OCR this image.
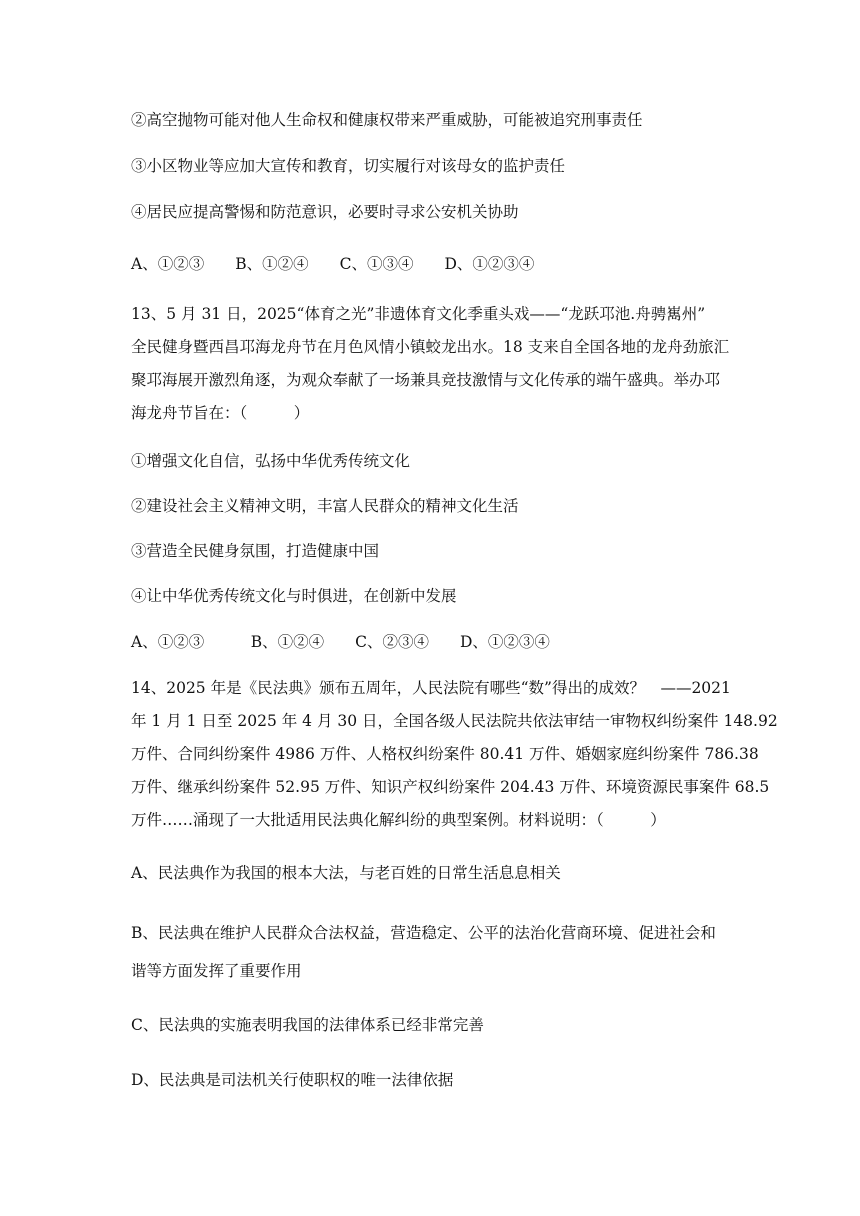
②高空抛物可能对他人生命权和健康权带来严重威胁，可能被追究刑事责任
③小区物业等应加大宣传和教育，切实履行对该母女的监护责任
④居民应提高警惕和防范意识，必要时寻求公安机关协助
A、①②③　　B、①②④　　C、①③④　　D、①②③④
13、5 月 31 日，2025“体育之光”非遗体育文化季重头戏——“龙跃邛池.舟骋嶲州”
全民健身暨西昌邛海龙舟节在月色风情小镇蛟龙出水。18 支来自全国各地的龙舟劲旅汇
聚邛海展开激烈角逐，为观众奉献了一场兼具竞技激情与文化传承的端午盛典。举办邛
海龙舟节旨在：（　　　）
①增强文化自信，弘扬中华优秀传统文化
②建设社会主义精神文明，丰富人民群众的精神文化生活
③营造全民健身氛围，打造健康中国
④让中华优秀传统文化与时俱进，在创新中发展
A、①②③　　　B、①②④　　C、②③④　　D、①②③④
14、2025 年是《民法典》颁布五周年，人民法院有哪些“数”得出的成效？　——2021
年 1 月 1 日至 2025 年 4 月 30 日，全国各级人民法院共依法审结一审物权纠纷案件 148.92
万件、合同纠纷案件 4986 万件、人格权纠纷案件 80.41 万件、婚姻家庭纠纷案件 786.38
万件、继承纠纷案件 52.95 万件、知识产权纠纷案件 204.43 万件、环境资源民事案件 68.5
万件……涌现了一大批适用民法典化解纠纷的典型案例。材料说明：（　　　）
A、民法典作为我国的根本大法，与老百姓的日常生活息息相关
B、民法典在维护人民群众合法权益，营造稳定、公平的法治化营商环境、促进社会和
谐等方面发挥了重要作用
C、民法典的实施表明我国的法律体系已经非常完善
D、民法典是司法机关行使职权的唯一法律依据
